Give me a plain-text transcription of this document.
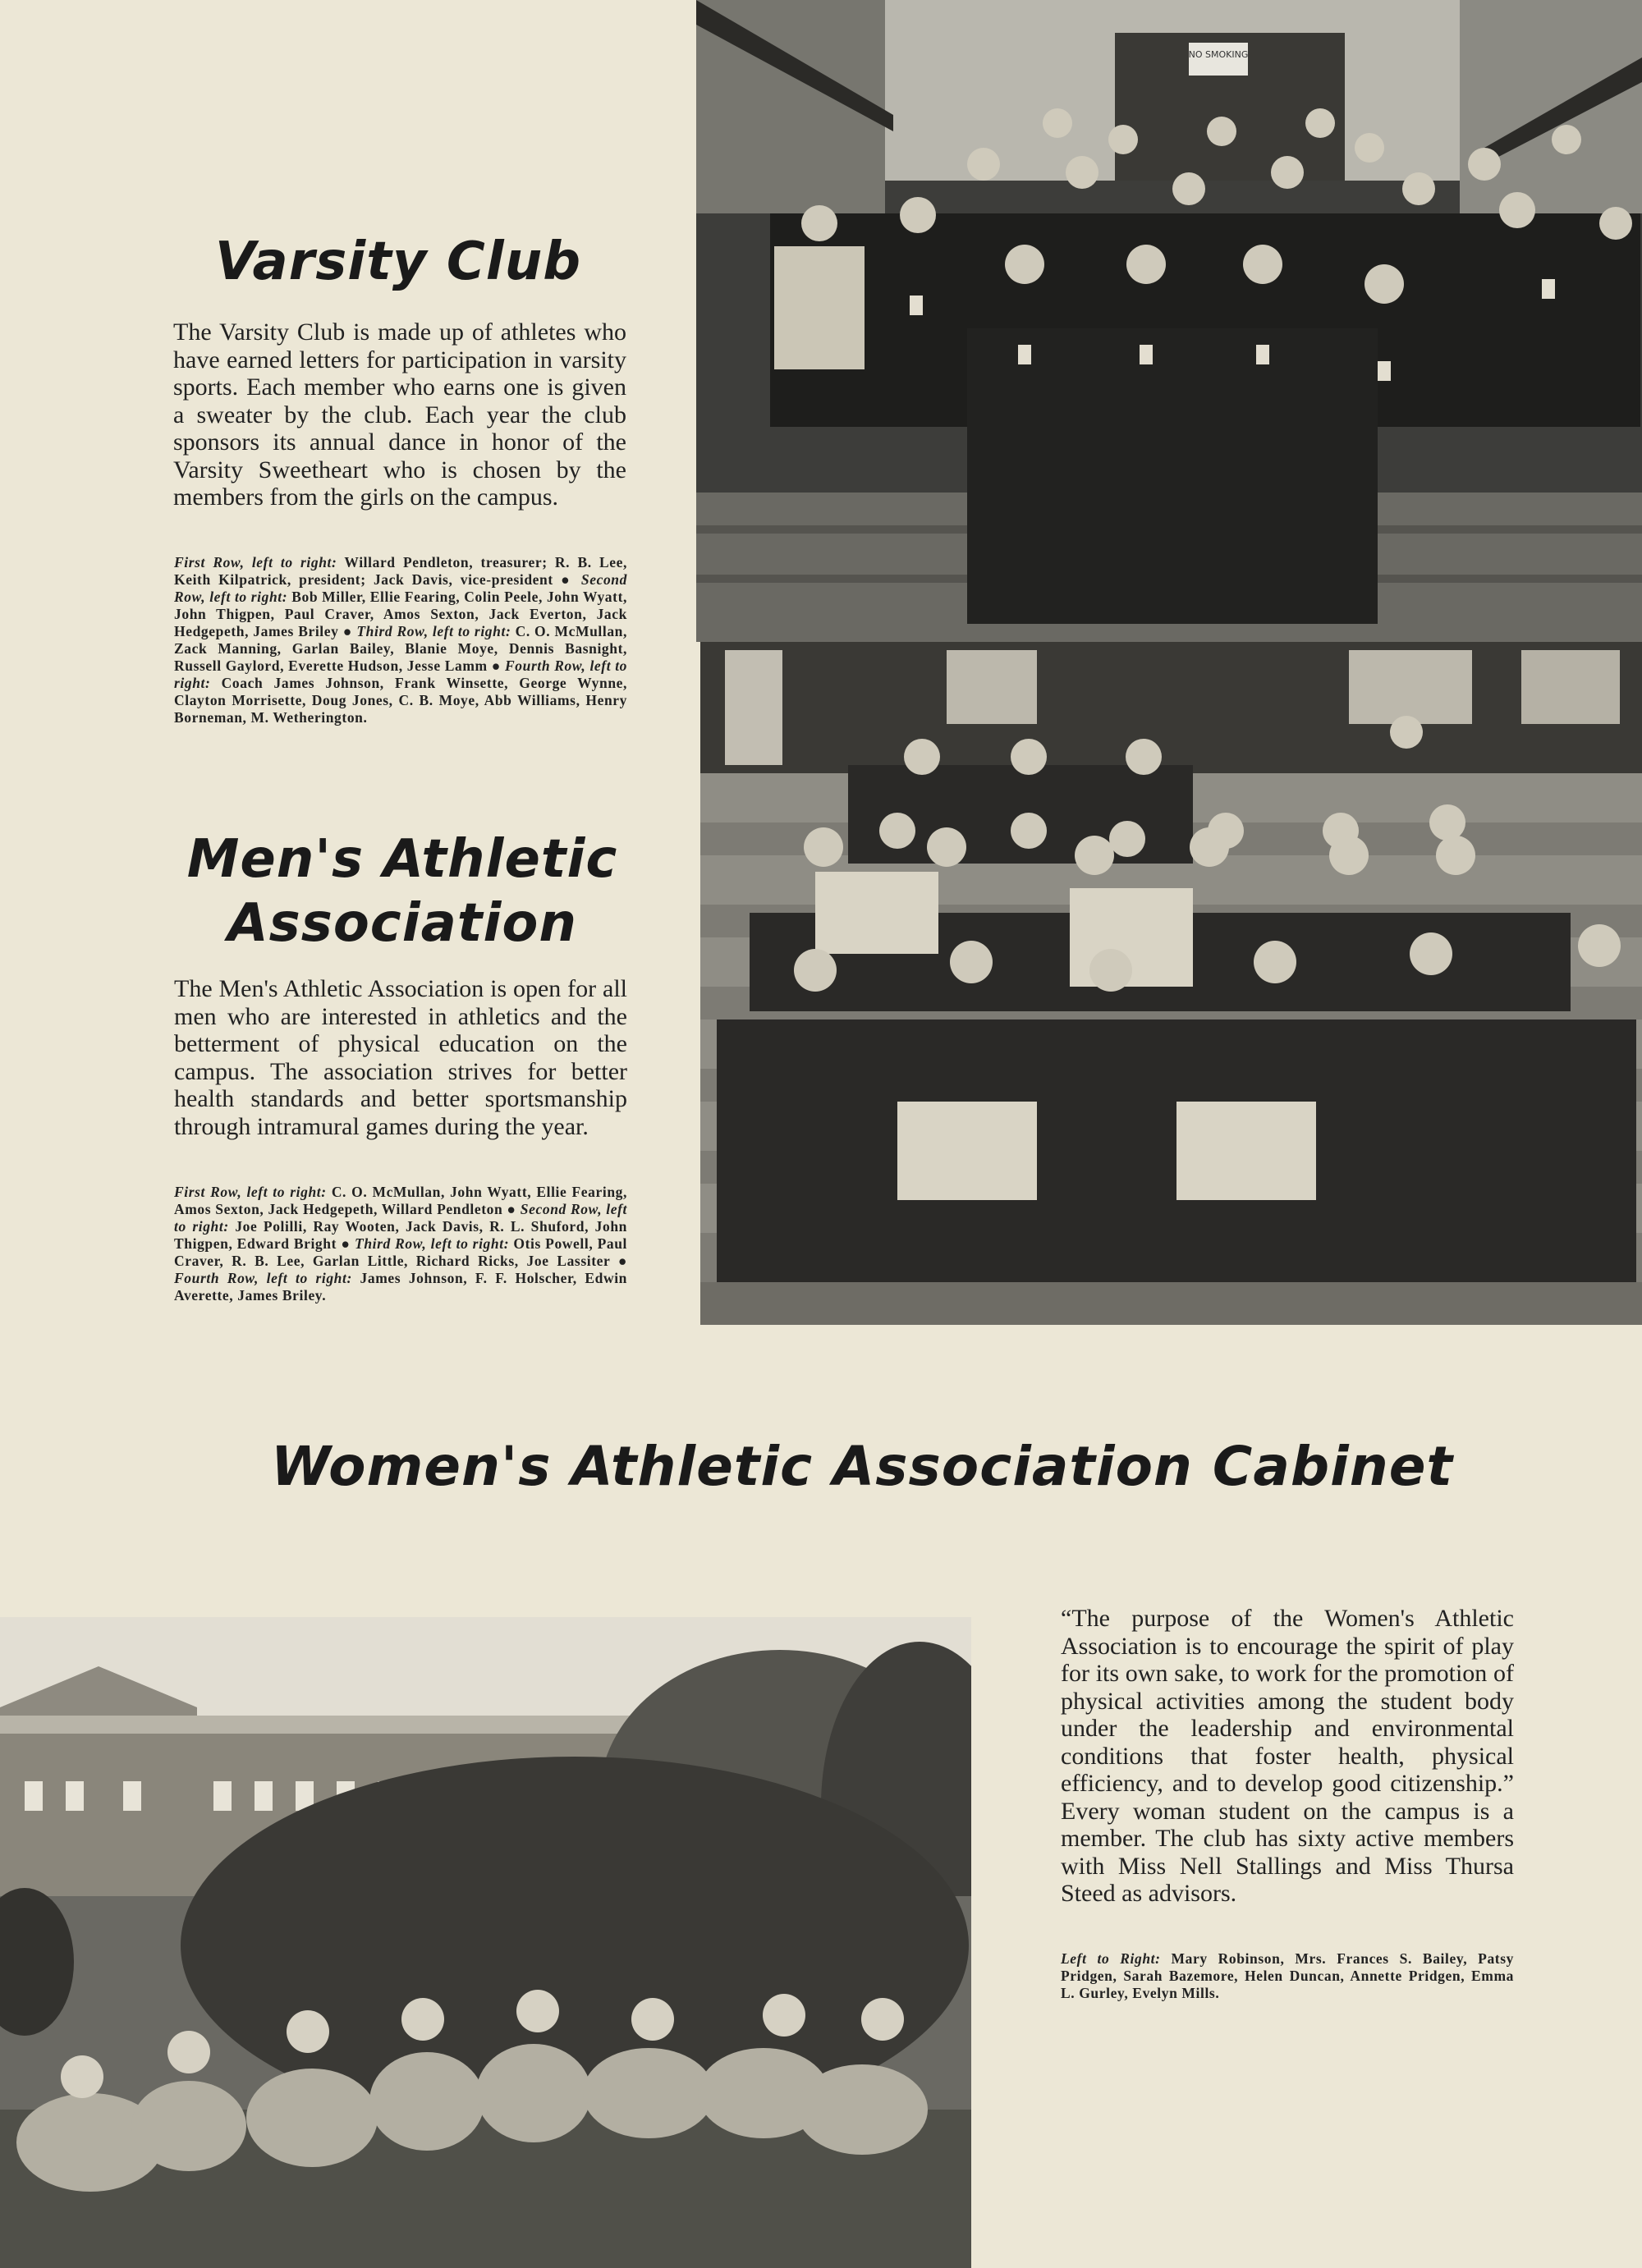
NO SMOKING
Varsity Club
The Varsity Club is made up of athletes who have earned letters for participation in varsity sports. Each member who earns one is given a sweater by the club. Each year the club sponsors its annual dance in honor of the Varsity Sweetheart who is chosen by the members from the girls on the campus.
First Row, left to right: Willard Pendleton, treasurer; R. B. Lee, Keith Kilpatrick, president; Jack Davis, vice-president ● Second Row, left to right: Bob Miller, Ellie Fearing, Colin Peele, John Wyatt, John Thigpen, Paul Craver, Amos Sexton, Jack Everton, Jack Hedgepeth, James Briley ● Third Row, left to right: C. O. McMullan, Zack Manning, Garlan Bailey, Blanie Moye, Dennis Basnight, Russell Gaylord, Everette Hudson, Jesse Lamm ● Fourth Row, left to right: Coach James Johnson, Frank Winsette, George Wynne, Clayton Morrisette, Doug Jones, C. B. Moye, Abb Williams, Henry Borneman, M. Wetherington.
Men's Athletic
Association
The Men's Athletic Association is open for all men who are interested in athletics and the betterment of physical education on the campus. The association strives for better health standards and better sportsmanship through intramural games during the year.
First Row, left to right: C. O. McMullan, John Wyatt, Ellie Fearing, Amos Sexton, Jack Hedgepeth, Willard Pendleton ● Second Row, left to right: Joe Polilli, Ray Wooten, Jack Davis, R. L. Shuford, John Thigpen, Edward Bright ● Third Row, left to right: Otis Powell, Paul Craver, R. B. Lee, Garlan Little, Richard Ricks, Joe Lassiter ● Fourth Row, left to right: James Johnson, F. F. Holscher, Edwin Averette, James Briley.
Women's Athletic Association Cabinet
“The purpose of the Women's Athletic Association is to encourage the spirit of play for its own sake, to work for the promotion of physical activities among the student body under the leadership and environmental conditions that foster health, physical efficiency, and to develop good citizenship.” Every woman student on the campus is a member. The club has sixty active members with Miss Nell Stallings and Miss Thursa Steed as advisors.
Left to Right: Mary Robinson, Mrs. Frances S. Bailey, Patsy Pridgen, Sarah Bazemore, Helen Duncan, Annette Pridgen, Emma L. Gurley, Evelyn Mills.
